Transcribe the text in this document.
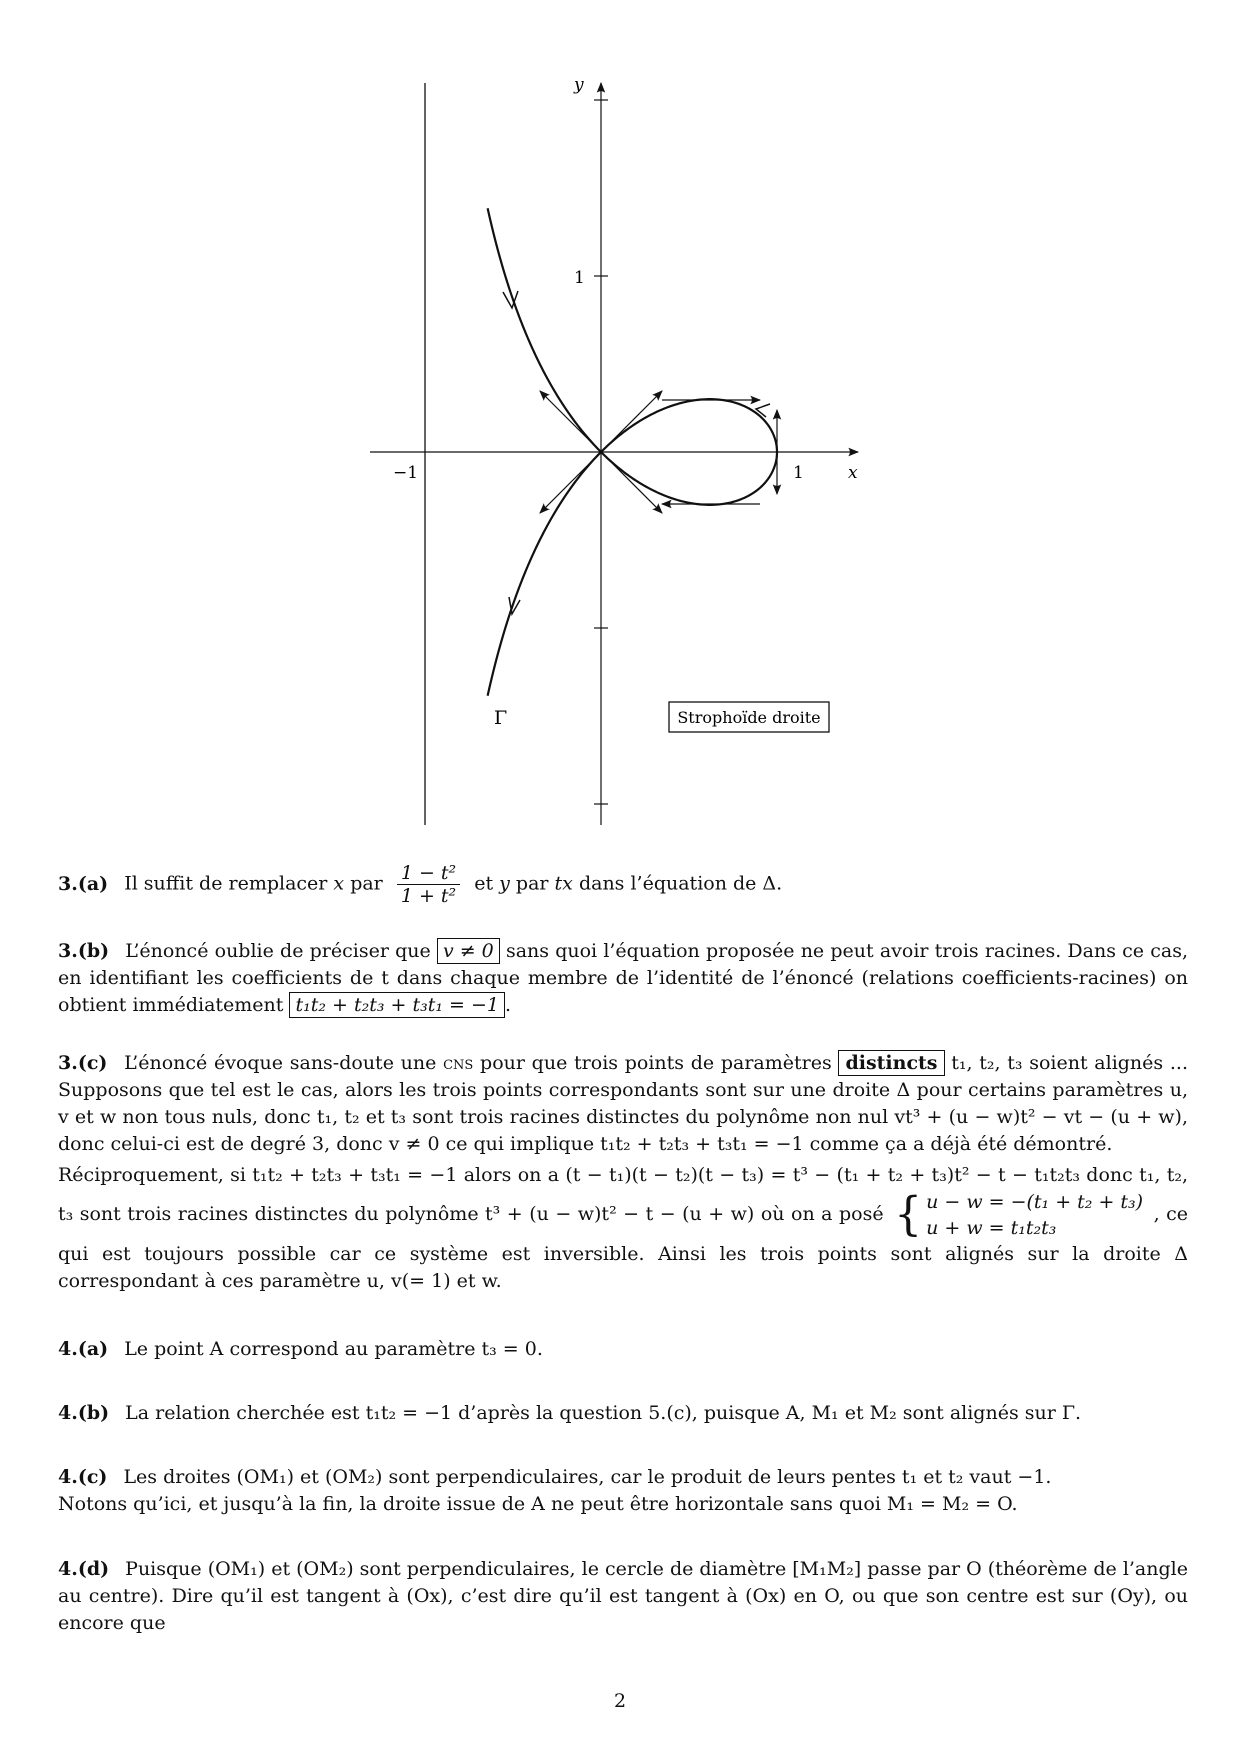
y
x
1
1
−1
Γ	Strophoïde droite
3.(a) Il suffit de remplacer x par $\frac{\text{1 − t²}}{\text{1 + t²}}$ et y par tx dans l’équation de Δ.
3.(b) L’énoncé oublie de préciser que v ≠ 0 sans quoi l’équation proposée ne peut avoir trois racines. Dans ce cas, en identifiant les coefficients de t dans chaque membre de l’identité de l’énoncé (relations coefficients-racines) on obtient immédiatement t₁t₂ + t₂t₃ + t₃t₁ = −1 .
3.(c) L’énoncé évoque sans-doute une cns pour que trois points de paramètres distincts t₁, t₂, t₃ soient alignés ... Supposons que tel est le cas, alors les trois points correspondants sont sur une droite Δ pour certains paramètres u, v et w non tous nuls, donc t₁, t₂ et t₃ sont trois racines distinctes du polynôme non nul vt³ + (u − w)t² − vt − (u + w), donc celui-ci est de degré 3, donc v ≠ 0 ce qui implique t₁t₂ + t₂t₃ + t₃t₁ = −1 comme ça a déjà été démontré.
Réciproquement, si t₁t₂ + t₂t₃ + t₃t₁ = −1 alors on a (t − t₁)(t − t₂)(t − t₃) = t³ − (t₁ + t₂ + t₃)t² − t − t₁t₂t₃ donc t₁, t₂, t₃ sont trois racines distinctes du polynôme t³ + (u − w)t² − t − (u + w) où on a posé { u − w = −(t₁ + t₂ + t₃)
u + w = t₁t₂t₃
, ce qui est toujours possible car ce système est inversible. Ainsi les trois points sont alignés sur la droite Δ correspondant à ces paramètre u, v(= 1) et w.
4.(a) Le point A correspond au paramètre t₃ = 0.
4.(b) La relation cherchée est t₁t₂ = −1 d’après la question 5.(c), puisque A, M₁ et M₂ sont alignés sur Γ.
4.(c) Les droites (OM₁) et (OM₂) sont perpendiculaires, car le produit de leurs pentes t₁ et t₂ vaut −1.
Notons qu’ici, et jusqu’à la fin, la droite issue de A ne peut être horizontale sans quoi M₁ = M₂ = O.
4.(d) Puisque (OM₁) et (OM₂) sont perpendiculaires, le cercle de diamètre [M₁M₂] passe par O (théorème de l’angle au centre). Dire qu’il est tangent à (Ox), c’est dire qu’il est tangent à (Ox) en O, ou que son centre est sur (Oy), ou encore que
2
